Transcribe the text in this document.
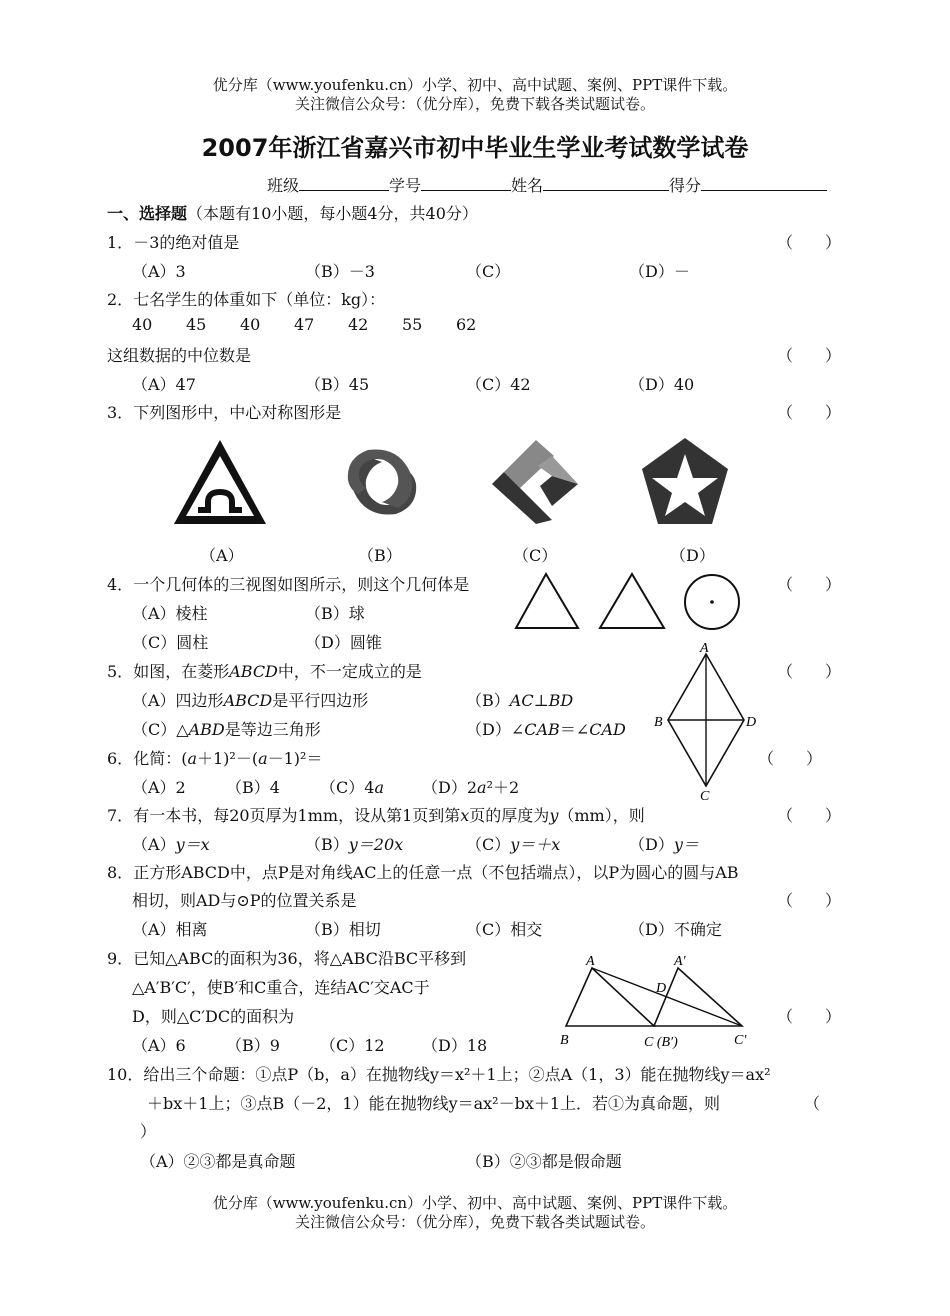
优分库（www.youfenku.cn）小学、初中、高中试题、案例、PPT课件下载。
关注微信公众号：（优分库），免费下载各类试题试卷。
2007年浙江省嘉兴市初中毕业生学业考试数学试卷
班级	学号	姓名	得分
一、选择题（本题有10小题，每小题4分，共40分）
1．－3的绝对值是	（　　）
（A）3	（B）－3	（C）	（D）－
2．七名学生的体重如下（单位：kg）：
40 45 40 47 42 55 62
这组数据的中位数是	（　　）
（A）47	（B）45	（C）42	（D）40
3．下列图形中，中心对称图形是	（　　）
（A）	（B）	（C）	（D）
4．一个几何体的三视图如图所示，则这个几何体是	（　　）
（A）棱柱	（B）球
（C）圆柱	（D）圆锥
5．如图，在菱形ABCD中，不一定成立的是	（　　）
（A）四边形ABCD是平行四边形	（B）AC⊥BD
（C）△ABD是等边三角形	（D）∠CAB＝∠CAD
A
B	D
C
6．化简：(a＋1)²－(a－1)²＝	（　　）
（A）2	（B）4	（C）4a （D）2a²＋2
7．有一本书，每20页厚为1mm，设从第1页到第x页的厚度为y（mm），则	（　　）
（A）y＝x	（B）y＝20x	（C）y＝＋x	（D）y＝
8．正方形ABCD中，点P是对角线AC上的任意一点（不包括端点），以P为圆心的圆与AB
相切，则AD与⊙P的位置关系是	（　　）
（A）相离	（B）相切	（C）相交	（D）不确定
9．已知△ABC的面积为36，将△ABC沿BC平移到
△A′B′C′，使B′和C重合，连结AC′交AC于
D，则△C′DC的面积为	（　　）
（A）6	（B）9	（C）12 （D）18
A	A′
D
B	C (B′)	C′
10．给出三个命题：①点P（b，a）在抛物线y＝x²＋1上；②点A（1，3）能在抛物线y＝ax²
＋bx＋1上；③点B（－2，1）能在抛物线y＝ax²－bx＋1上．若①为真命题，则	（
）
（A）②③都是真命题	（B）②③都是假命题
优分库（www.youfenku.cn）小学、初中、高中试题、案例、PPT课件下载。
关注微信公众号：（优分库），免费下载各类试题试卷。
